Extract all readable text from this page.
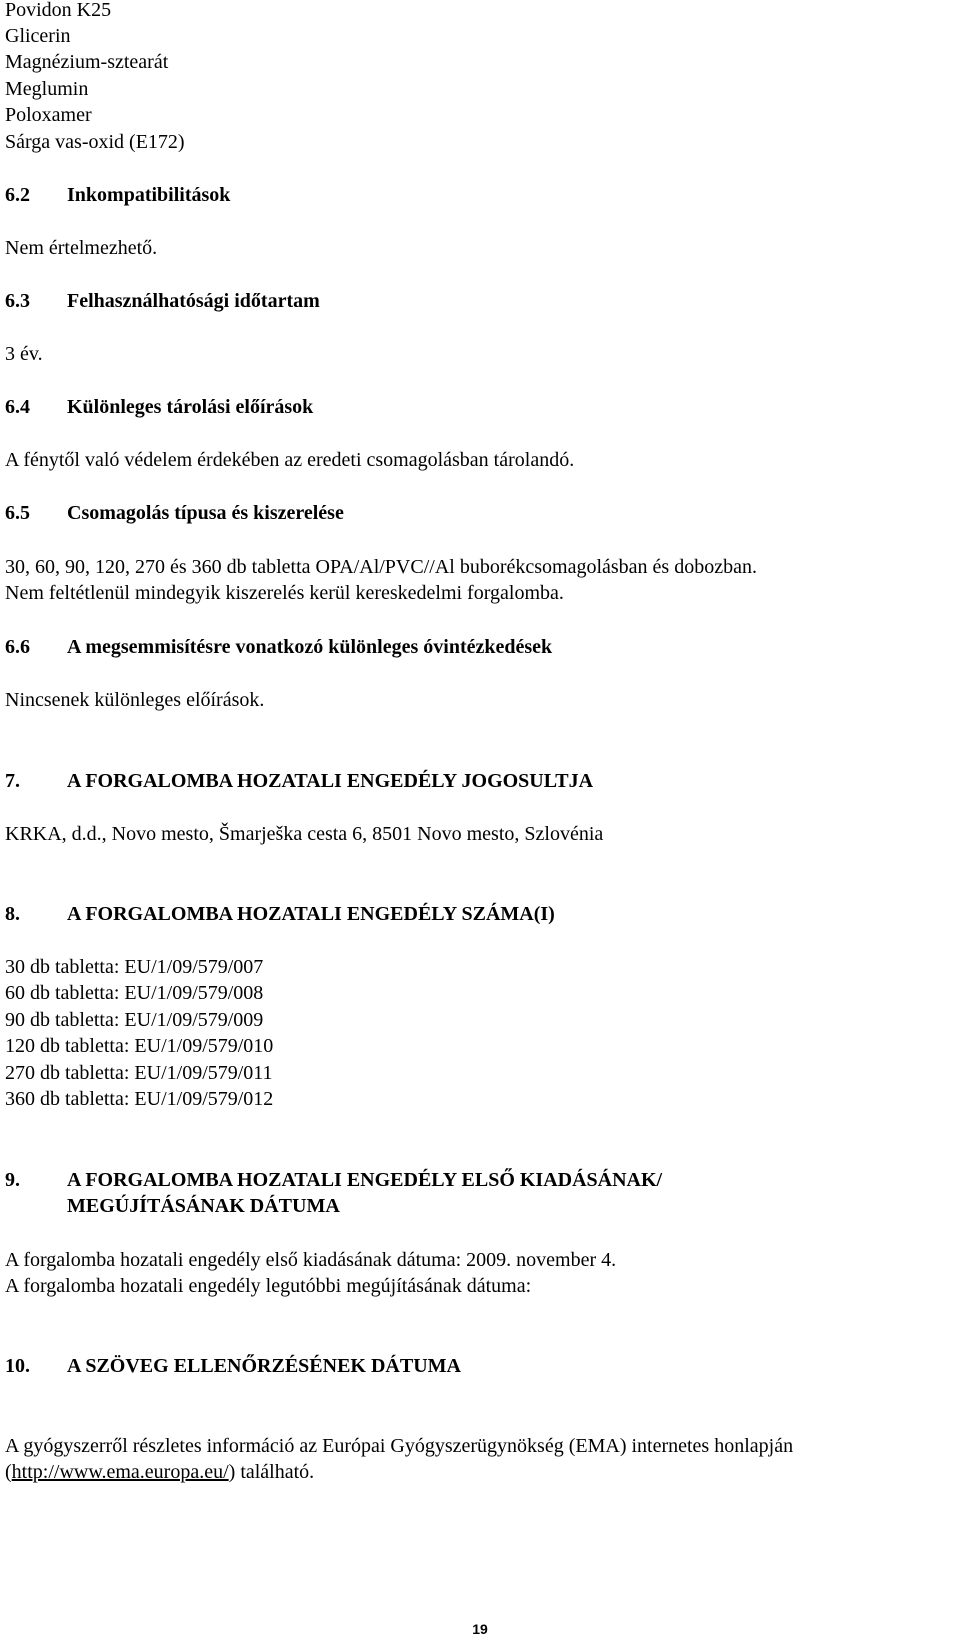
Povidon K25
Glicerin
Magnézium-sztearát
Meglumin
Poloxamer
Sárga vas-oxid (E172)
6.2 Inkompatibilitások
Nem értelmezhető.
6.3 Felhasználhatósági időtartam
3 év.
6.4 Különleges tárolási előírások
A fénytől való védelem érdekében az eredeti csomagolásban tárolandó.
6.5 Csomagolás típusa és kiszerelése
30, 60, 90, 120, 270 és 360 db tabletta OPA/Al/PVC//Al buborékcsomagolásban és dobozban.
Nem feltétlenül mindegyik kiszerelés kerül kereskedelmi forgalomba.
6.6 A megsemmisítésre vonatkozó különleges óvintézkedések
Nincsenek különleges előírások.
7. A FORGALOMBA HOZATALI ENGEDÉLY JOGOSULTJA
KRKA, d.d., Novo mesto, Šmarješka cesta 6, 8501 Novo mesto, Szlovénia
8. A FORGALOMBA HOZATALI ENGEDÉLY SZÁMA(I)
30 db tabletta: EU/1/09/579/007
60 db tabletta: EU/1/09/579/008
90 db tabletta: EU/1/09/579/009
120 db tabletta: EU/1/09/579/010
270 db tabletta: EU/1/09/579/011
360 db tabletta: EU/1/09/579/012
9. A FORGALOMBA HOZATALI ENGEDÉLY ELSŐ KIADÁSÁNAK/
MEGÚJÍTÁSÁNAK DÁTUMA
A forgalomba hozatali engedély első kiadásának dátuma: 2009. november 4.
A forgalomba hozatali engedély legutóbbi megújításának dátuma:
10. A SZÖVEG ELLENŐRZÉSÉNEK DÁTUMA
A gyógyszerről részletes információ az Európai Gyógyszerügynökség (EMA) internetes honlapján
(http://www.ema.europa.eu/) található.
19
